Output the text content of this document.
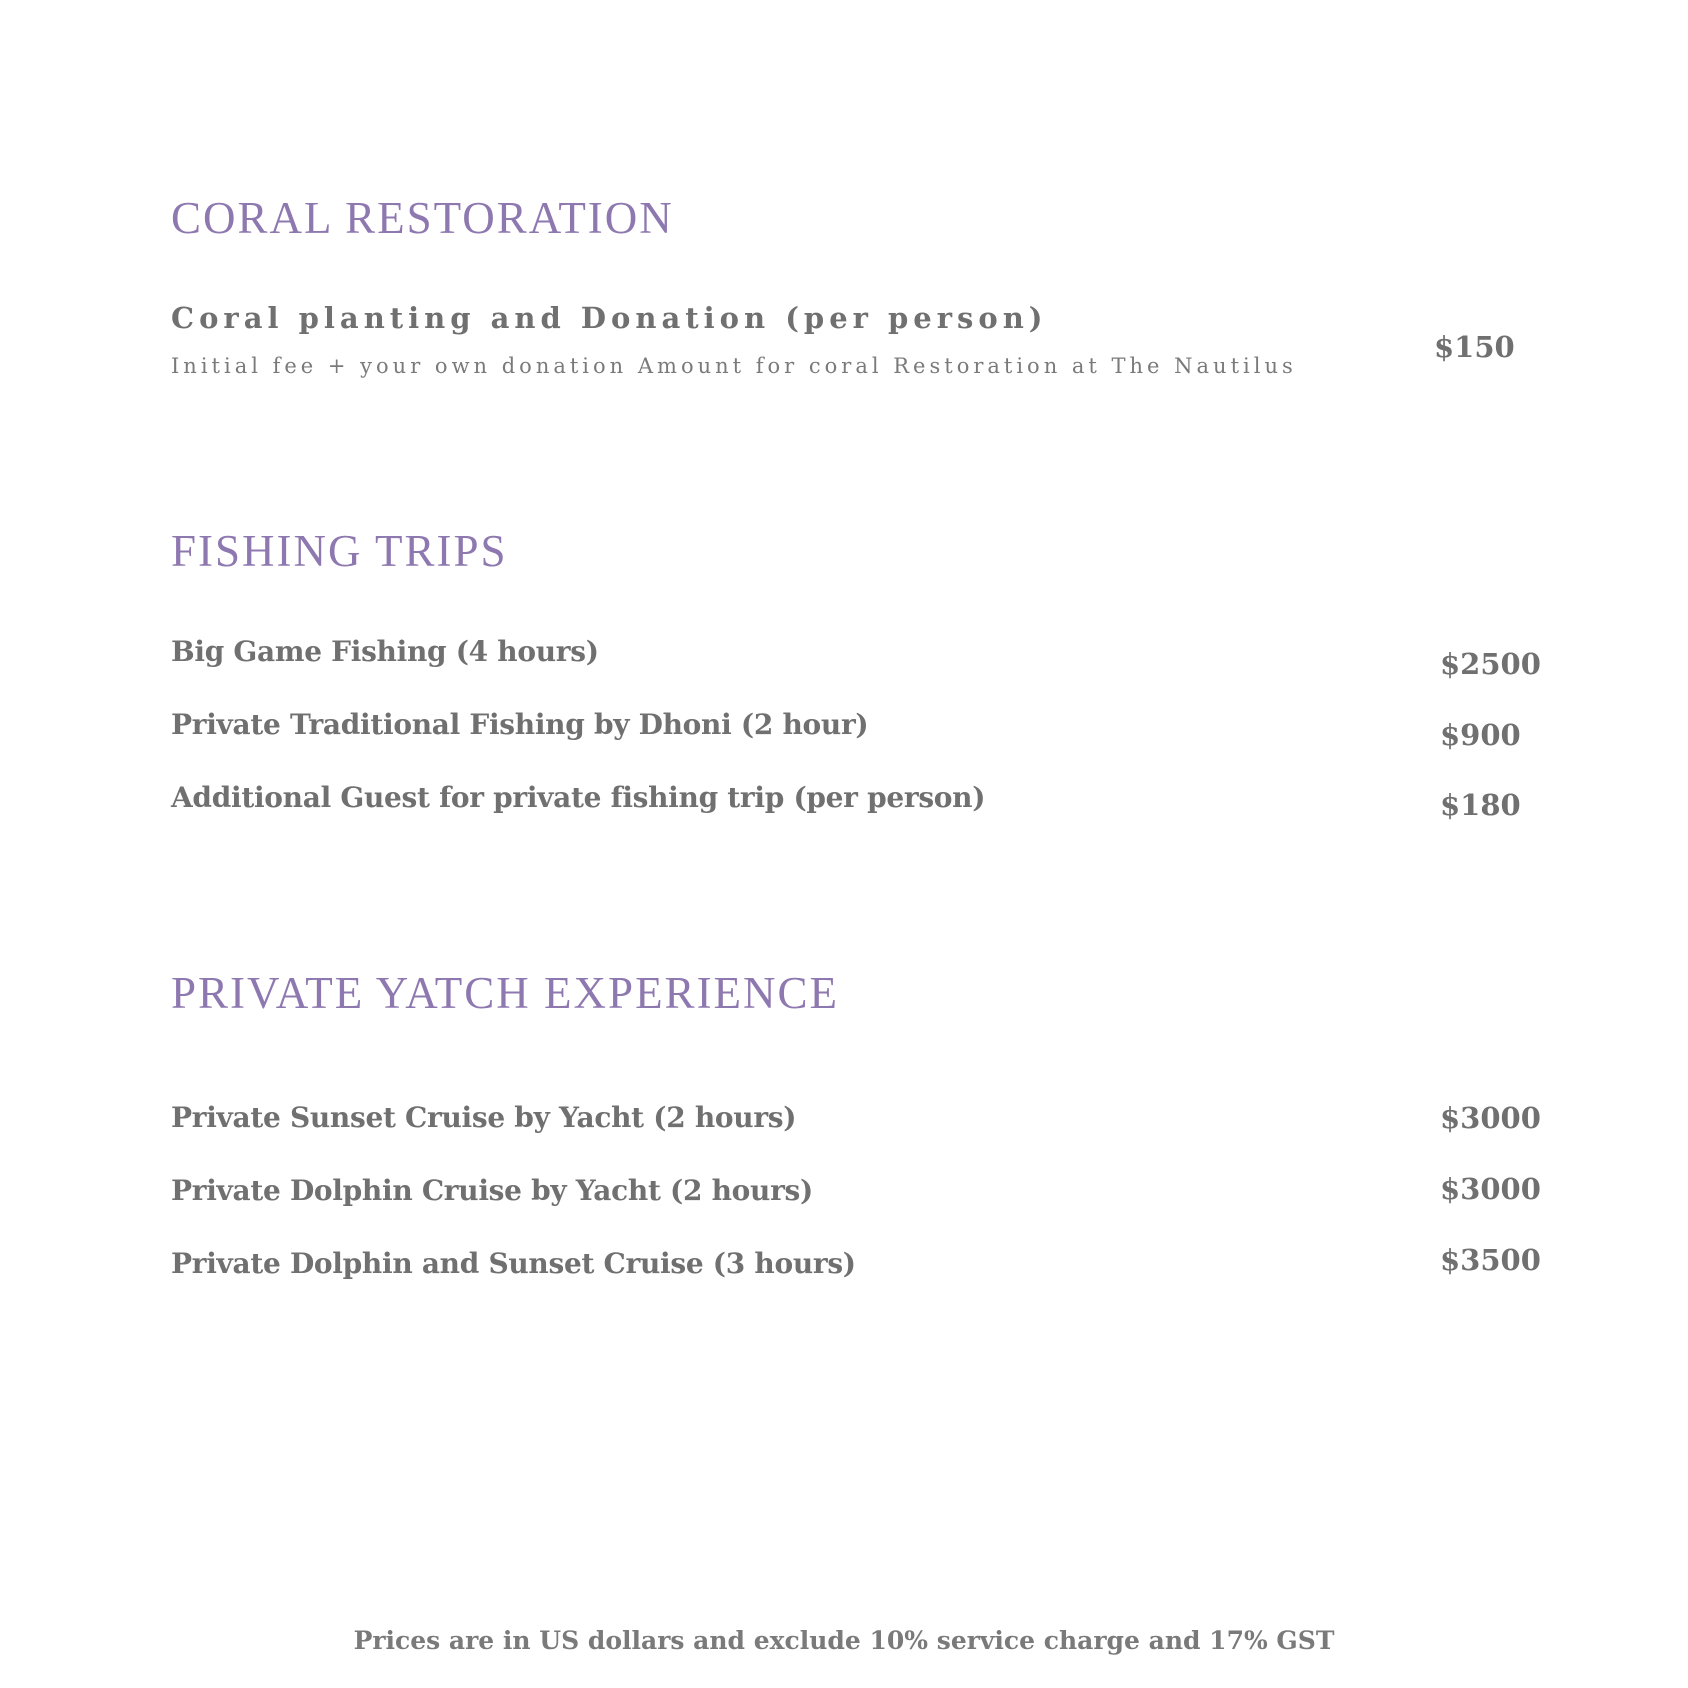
CORAL RESTORATION
Coral planting and Donation (per person)
Initial fee + your own donation Amount for coral Restoration at The Nautilus
$150
FISHING TRIPS
Big Game Fishing (4 hours)	$2500
Private Traditional Fishing by Dhoni (2 hour)	$900
Additional Guest for private fishing trip (per person)	$180
PRIVATE YATCH EXPERIENCE
Private Sunset Cruise by Yacht (2 hours)	$3000
Private Dolphin Cruise by Yacht (2 hours)	$3000
Private Dolphin and Sunset Cruise (3 hours)	$3500
Prices are in US dollars and exclude 10% service charge and 17% GST
